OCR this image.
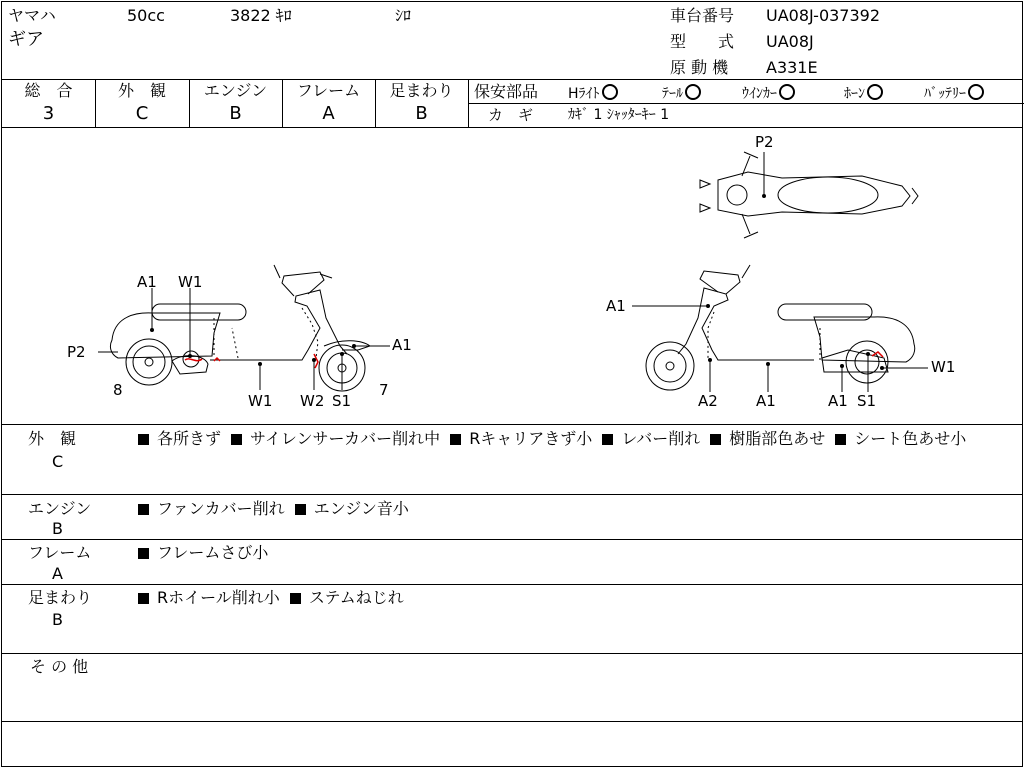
ヤマハ	50cc	3822 ｷﾛ	ｼﾛ
ギア
車台番号 UA08J-037392
型　　式 UA08J
原 動 機 A331E
総　合
3
外　観
C
エンジン
B
フレーム
A
足まわり
B
保安部品 Hﾗｲﾄ	ﾃｰﾙ	ｳｲﾝｶｰ	ﾎｰﾝ	ﾊﾞｯﾃﾘｰ
カ　ギ ｶｷﾞ 1 ｼｬｯﾀｰｷｰ 1
A1 W1
P2
8
W1 W2 S1
7
A1
A1
A2	A1	A1 S1
W1
P2
外　観
C
各所きず サイレンサーカバー削れ中 Rキャリアきず小 レバー削れ 樹脂部色あせ シート色あせ小
エンジン
B
ファンカバー削れ エンジン音小
フレーム
A
フレームさび小
足まわり
B
Rホイール削れ小 ステムねじれ
そ の 他
